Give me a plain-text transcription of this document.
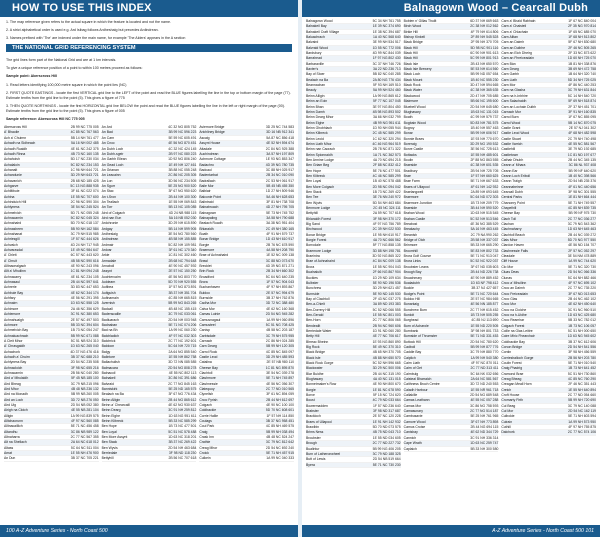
HOW TO USE THIS INDEX

1. The map reference given refers to the actual square in which the feature is located and not the name.

2. A strict alphabetical order is used e.g. Ard Isibag follows Ardheshaig but precedes Ardindrean.

3. Names prefixed with 'The' are indexed under the main name, for example 'The Alders' appears in the A section

THE NATIONAL GRID REFERENCING SYSTEM

The grid lines form part of the National Grid and are at 1 km intervals.

To give a unique reference position of a point to within 100 metres proceed as follows:

Sample point: Aberscross Hill

1. Read letters identifying 100,000 metre square in which the point lies (NC)

2. FIRST QUOTE EASTINGS - locate the first VERTICAL grid line to the LEFT of the point and read the BLUE figures labelling the line in the top or bottom margin of the page (77). Estimate tenths from the grid line to the point (5). This gives a figure of 775

3. THEN QUOTE NORTHINGS - locate the first HORIZONTAL grid line BELOW the point and read the BLUE figures labelling the line in the left or right margin of the page (00). Estimate tenths from the grid line to the point (5). This gives a figure of 005

Sample reference: Aberscross Hill NC 775 005

Aberscross Hill	2B 99 NC 775 005
A' Bhaoile	4C 85 NC 767 563
Ach a' Chuirnn	5B 14 NH 761 477
Achadh na Sidheach	5A 16 NH 002 485
Achadh Ruaidh	4E 61 NC 242 375
Achadh Rinna	4B 73 NC 160 135
Achahoish	5D 17 NC 230 034
Achalaloin	5C 82 NC 234 153
Achanalt	1C 96 NH 644 721
Achandunie	3D 29 NH 643 721
Achavanich	2B 68 ND 185 425
Achgarve	5C 13 NG 888 935
Achiltibuie	3F 61 NC 022 074
Achina	1E 55 NC 707 600
Achinduich Hill	2C 96 NC 590 304
Achlyness	3E 54 NC 245 524
Achmelvich	5D 71 NC 055 248
Achnacarnin	5C 82 NC 045 324
Achnahaird	5D 70 NC 018 137
Achnasheen	5B 90 NH 162 584
Achnahanat	3C 79 NH 515 985
Achriesgill	1F 57 NC 444 626
Achvaich	4D 24 NH 717 945
Achvarasdal	1E 49 NC 984 647
A' Chleit	6C 57 NC 443 620
A' Chruit	4B 58 NC 590 616
Alltnacealgach	4E 90 NC 243 096
Allt a' Mhuilinn	1C 81 NH 094 248
Achnacarry	4E 61 NC 234 105
Achnasaul	2B 44 NC 597 641
Achrerie	3D 83 NC 447 653
Achbuie Bay	4E 62 NC 344 174
Achfary	4E 56 NC 291 395
Achnairn	1D 63 NC 558 125
Achimore	2A 46 NC 356 629
Achiemore	3C 91 NC 380 653
Achnahuaigh	2E 57 NC 497 503
Achmore	5B 33 NC 394 604
Achmelvich Bay	1B 73 NC 054 247
Achnaluachrach	5B 99 NC 671 088
A Cleit Mhor	5C 51 NB 924 310
A' Chrasgaidh	1D 63 NC 265 040
Achachork	4D 37 NG 476 416
Achadh a' Chuirn	3B 37 NC 688 210
Achlyness Bay	2D 54 NC 235 508
Achnacloich	3F 98 NC 655 216
Achnacarnin	2B 56 NC 040 280
Aird a' Mhulaidh	5F 45 NB 185 100
Aird Bheag	3C 79 NB 215 096
Aird Mhor	4B 48 NB 236 132
Aird na Monadh	5B 99 NB 260 005
Aird an Loch	3D 72 NB 276 050
Aird Uig	2D 54 NB 052 380
Airigh na Cloich	4E 55 NB 281 104
Alligin	1A 99 NG 839 575
Alltchaorunn	4F 97 NC 560 085
Alltnacaillich	5E 71 NC 456 458
Altandhu	3C 86 NB 989 122
Altnaharra	2C 77 NC 567 355
Alt na Shellach	2A 64 NC 618 012
Altass	5C 64 NC 511 004
Amat	1E 55 NH 476 900
An Dun	3B 37 NC 705 221
An Ard	4C 32 NG 805 752
An Bad	3B 99 NC 596 223
An Carn	5E 59 NC 605 491
An Cnoc	4E 56 NG 870 451
An Dubh Loch	4C 32 NC 424 145
An Dubh-sgeir	2B 97 NC 080 223
An Garbh Eilean	1D 92 NG 806 240
An Gead Loch	1E 49 NH 127 461
An Grianan	3B 88 NC 055 248
An Leacainn	2C 86 NC 205 305
An Lon	3D 56 NC 234 505
An Sgurr	5E 25 NG 900 520
An Stac	3F 67 NG 950 620
An t-Sron	2B 44 NH 100 300
An Teallach	1E 55 NH 069 843
An Torr	5B 13 NC 105 085
Aird of Coigach	4D 24 NB 988 115
Aird nan Eun	5A 16 NB 052 030
Ardchronie	3D 29 NH 615 890
Ardgay	5B 14 NH 599 905
Ardheslaig	3E 54 NG 780 560
Ardindrean	4B 58 NH 155 885
Ardmair	5C 82 NH 109 981
Ardvar	3F 61 NC 170 340
Arkle	1C 81 NC 302 460
Armadale	2B 68 NC 794 648
Arnaboll	4E 90 NC 457 592
Assynt	2E 57 NC 150 250
Auchtercairn	4E 56 NG 803 770
Auldearn	5D 70 NH 920 555
Aultbea	1F 57 NG 873 891
Aultguish	3B 37 NH 351 704
Aultnamain	4C 85 NH 665 815
Avernish	5B 99 NG 843 265
Badcall	4B 48 NC 155 415
Badenscallie	3C 79 NC 033 061
Badluarach	2D 54 NH 003 948
Badnaban	5E 71 NC 074 206
Bad na Bh	1A 99 NC 060 230
Balchladich	4F 97 NC 032 303
Balchrick	2C 77 NC 192 601
Baldoon	5C 64 NH 720 715
Balgy	2A 64 NG 855 540
Balintore	1E 55 NH 862 758
Ballachulish	3D 72 NN 085 585
Balmacara	2D 54 NG 808 278
Balnacoil	4E 55 NC 802 113
Balnakeil	3C 86 NC 391 686
Balvraid	2C 77 NG 845 163
Banniskirk	5E 25 ND 165 575
Bealach na Ba	3F 67 NG 776 434
Beinn Alligin	2B 44 NG 865 612
Beinn a' Chearcaill	4E 62 NG 930 637
Beinn Dearg	3C 91 NH 259 812
Beinn Eighe	1D 63 NG 951 611
Beinn Klibreck	5B 33 NC 585 299
Ben Hope	1B 73 NC 477 501
Ben Loyal	5C 51 NC 578 488
Ben More Assynt	1D 63 NC 318 201
Ben Stack	3B 37 NC 269 422
Ben Wyvis	2D 54 NH 463 684
Berriedale	3F 98 ND 118 230
Bettyhill	2B 56 NC 707 618
Aviemore Bridge	3D 25 NC 744 583
Arichliney Bridge	3D 16 NB 912 341
Ascaig	5A 87 NC 856 418
Assynt House	4E 52 NH 594 674
Attadale	2C 84 NG 925 388
Auchindrean	3A 57 NH 197 809
Achmore Cottage	1E 93 NG 853 347
Badachro	4D 39 NG 780 735
Badcaul	3C 88 NH 025 917
Badentarbat	2B 34 NC 010 090
Badrallach	2C 53 NH 061 917
Baile Mor	5B 45 NB 455 350
Balblair	1D 27 NH 509 946
Balconie Point	5A 46 NH 628 653
Balintraid	3F 81 NH 738 708
Balnabruach	4D 27 NH 795 705
Balnagown	5E 73 NH 745 752
Balnapaling	3A 58 NH 790 688
Bealach Ruadh	3A 38 NG 951 404
Bhlaraidh	2C 49 NH 380 165
Boath	4F 91 NH 579 737
Bonar Bridge	1D 43 NH 610 917
Borgie	2B 76 NC 678 590
Braemore	4A 58 NH 208 790
Brae of Achnahaird	1E 52 NC 009 138
Brawl	3C 88 ND 073 670
Brecklet	4D 39 NG 871 271
Brin Rock	2B 34 NH 660 302
Broadford	5C 64 NG 640 235
Brora	1F 57 NC 904 043
Buchanhaven	4F 97 NH 893 867
Buldoo	2E 57 NC 994 679
Burnside	3B 37 NH 762 876
Cadha Mor	3D 72 NC 388 480
Calva Mor	4E 62 NC 160 368
Camas Luinie	2D 54 NG 945 282
Camusnagaul	1A 99 NH 060 896
Camusteel	5C 51 NG 708 425
Canisp	4B 58 NC 203 187
Carbisdale	3C 79 NH 575 955
Carnach	2C 86 NH 024 285
Carn Dearg	5B 99 NH 120 305
Carrol Rock	4C 85 NC 845 097
Castle Leod	3D 29 NH 485 593
Catalina	2E 57 NB 980 110
Cheese Bay	1C 81 NG 895 870
Clachtoll	3E 54 NC 039 278
Clashmore	5E 71 NH 745 897
Clashnessie	4E 56 NC 056 307
Clatequoy	2C 77 ND 010 565
Clynelish	3F 61 NC 894 059
Cnoc Fyrish	2B 44 NH 612 697
Coigach	4E 90 NC 100 100
Coldbackie	5D 70 NC 608 601
Corrie Hallie	1F 57 NH 114 850
Coulags	3B 37 NG 958 451
Coul Park	4C 85 NH 469 575
Craig	5B 99 NH 038 494
Crask Inn	4B 48 NC 524 247
Crathie	3C 79 NC 812 642
Creag Mhor	2D 54 NC 692 240
Croick	5E 71 NH 457 915
Culkein	1A 99 NC 040 333
100 A-Z Adventure Series - North Coast 500
Balnagown Wood – Cearcall Dubh
Balnagown Wood	5C 34 NH 761 755
Balnakeil Bay	1E 39 NC 374 690
Balnakeil Craft Village	1E 38 NC 394 687
Baluachrach	1A 40 NC 568 640
Balvaird	3E 99 NH 534 517
Balvraid Wood	1D 55 NC 772 006
Bardsbury	4D 99 NC 844 039
Barrahead	1F 97 NG 802 430
Barbaraville	3C 37 NH 746 726
Baxter's	3A 22 ND 236 713
Bay of Stoer	5B 82 NC 040 285
Bealach na Ba	2A 80 NG 776 434
Beannachan	5F 93 NH 169 510
Beauly	5A 99 NH 524 460
Beinn Alligin	1A 99 NG 865 612
Beinn an Eoin	5F 77 NC 107 045
Beinn Bhan	3E 97 NG 804 450
Beinn Damh	4B 98 NG 893 502
Beinn Dearg Mhor	3A 66 NH 032 799
Beinn Eighe	4B 99 NG 951 611
Beinn Ghobhlach	1D 90 NH 055 944
Beinn Klibreck	2C 45 NC 585 299
Beinn Leoid	1C 62 NC 320 294
Beinn Liath Mhor	4C 46 NG 964 519
Beinn nan Caorach	2B 78 NC 871 322
Beinn Spionnaidh	1A 71 NC 362 573
Ben Armine Lodge	4A 70 NC 694 215
Ben Griam Beg	2F 88 NC 832 412
Ben Hope	5E 76 NC 477 501
Ben Klibreck	4C 46 NC 585 299
Ben Loyal	1B 40 NC 578 488
Ben More Coigach	2D 98 NC 094 042
Ben Stack	1B 73 NC 269 422
Ben Tee	3E 76 NN 240 972
Ben Wyvis	5D 54 NH 463 684
Benmore Lodge	2C 45 NC 324 111
Bettyhill	2A 59 NC 707 618
Bhlaraidh Forest	3F 98 NH 370 172
Big Sand	4F 97 NG 756 789
Birchwood	2C 39 NH 022 530
Bonar Bridge	1E 95 NH 610 917
Borgie Forest	4A 70 NC 666 562
Borrodale	5F 77 NG 858 135
Braemore Lodge	3D 88 NH 198 781
Braeintra	3D 92 NG 865 322
Brae of Achnahaird	4C 84 NC 009 138
Brora	1E 55 NC 904 043
Bualnaluib	2F 66 NG 867 904
Buckies	1D 29 ND 109 634
Bulbster	5E 90 ND 196 536
Bunchrew	3D 29 NH 621 457
Burnside	5E 90 ND 145 530
Bay of Clachtoll	2F 43 NC 037 275
Ben-a-Chielt	3A 89 ND 193 383
Ben-Dorrery Hill	5C 52 ND 066 555
Ben-Gerald	1E 55 NC 801 003
Ben-Horn	2C 77 NC 806 065
Bendeallt	2B 94 NC 960 606
Berriedale Water	1D 91 ND 060 280
Betty Hill	4E 77 NC 706 617
Bhreac Bheinn	1E 93 NG 860 890
Big Rock	5E 49 NC 370 310
Black Bridge	4B 65 NH 370 705
Black Isle	4B 88 NH 650 570
Black Rock Gorge	5C 52 NH 596 665
Blackwater	3D 29 NC 500 006
Blar Buidhe	2B 44 NC 315 190
Blughasary	4A 40 NC 131 015
Bonnetmaker's Row	4E 90 NH 800 670
Borgie	1E 81 NC 678 590
Borve	5F 15 NC 724 620
Boust	4C 79 ND 033 664
Bowermadden	1F 57 ND 236 640
Brabster	3F 98 ND 317 687
Brackloch	2E 57 NC 120 228
Braes of Ullapool	1E 91 NH 142 932
Brawlbin	5D 70 ND 073 575
Brims Ness	4B 75 ND 043 710
Broubster	1E 55 ND 034 605
Brough	2C 77 ND 227 732
Bualintur	5B 99 NG 406 205
Burn of Latheronwheel	3C 79 ND 188 325
Butt of Lewis	2D 54 NB 519 664
Byera	5E 71 NC 730 230
Bobien n' Gillas Thuilt	6D 37 NH 669 663
Birch Wood	2C 38 NH 012 562
Birkie Hill	4F 79 NH 614 806
Bishop Kinkell	2F 89 NH 545 528
Black Bridge	2F 95 NH 370 705
Black Hill	5D 98 NC 901 116
Black Hill	6C 90 NH 901 613
Black Hill	5C 99 NH 801 913
Black Isle	2B 43 NH 650 570
Black Isle Brewery	5E 53 NH 614 560
Black Loch	5B 99 ND 057 654
Black Mount	1B 40 NC 555 230
Black Rock	3D 47 NH 594 665
Black Water	4C 38 NH 365 635
Blackwood	2D 47 NH 705 685
Blairmore	5B 66 NC 195 600
Bluebell Wood	2D 54 NH 645 680
Blughasary	1B 63 NC 131 015
Boath	4C 99 NH 579 737
Bogbain Wood	5D 83 NH 781 575
Bogroy	1B 40 NH 557 463
Bonar	5B 99 NH 606 917
Bonnie Braes	1E 93 NH 770 670
Boreraig	3D 29 NG 190 532
Borve Castle	3E 56 NC 725 613
Bottacks	1E 55 NH 485 601
Boulin	2F 88 NG 863 555
Braeside	4C 38 NH 601 535
Bradbury	2B 94 NH 725 705
Brae	1F 57 NH 660 625
Brae Farm	5E 71 NH 667 633
Braes of Ullapool	4F 61 NH 142 932
Braelangwell	2A 89 NH 693 645
Braemore	5C 64 ND 072 303
Braemore Junction	1B 73 NH 209 779
Braeside	3B 44 NH 590 520
Brahan Wood	1D 63 NH 515 545
Brahan Castle	5C 52 NH 513 546
Breabost	4E 36 NG 385 529
Breakachy	5A 16 NH 463 445
Breanish	2C 79 NA 990 262
Bridge of Oich	2B 58 NH 337 037
Brinmore	5B 33 NH 665 290
Broomhill	5E 83 NH 802 733
Brora Golf Course	5E 71 NC 913 047
Brora Links	5C 52 NC 922 037
Broubster Leans	3F 67 ND 035 603
Brough Bay	2B 44 ND 226 738
Bruachmary	4E 90 NH 889 452
Bualadubh	1D 63 NF 798 412
Buckie	3B 37 NJ 427 657
Budge's Point	5E 71 NC 720 644
Buldoo Hill	2E 57 NC 984 665
Bunarkaig	4E 56 NN 185 877
Bunchrew Burn	2C 77 NH 615 452
Bunloit	1B 73 NH 505 255
Burghead	4C 85 NJ 113 690
Burn of Acharole	1E 55 ND 220 505
Burnbank	3F 98 NH 801 733
Burnside of Thrumster	5E 71 ND 331 453
Buttock Hill	2D 54 NC 780 620
Cadboll	5B 99 NH 877 776
Caddle Bay	3C 79 NH 880 770
Caiplich	1A 99 NH 540 380
Cairn Liath	4F 97 NC 870 011
Cairn of Get	2C 77 ND 313 411
Cairnbulg	5C 64 NK 032 656
Caisteal Bharraich	2A 64 NC 581 567
Caithness Broch Centre	3D 72 ND 240 553
Caladh Harbour	1E 55 NR 961 718
Callakille	2D 54 NG 689 548
Camas Leathann	4E 55 NC 057 288
Camas Mor	3C 86 NG 758 593
Camasunary	2C 77 NG 514 187
Cambusavie	5E 25 NH 761 965
Camore Wood	3F 67 NH 773 898
Camus Croise	2B 44 NG 694 115
Canisbay	4E 62 ND 344 729
Cannich	3C 91 NH 336 314
Cape Wrath	1D 63 NC 259 747
Caplaich	5B 33 NH 300 580
Carn a' Bhaid Rabhain	1F 67 NC 840 004
Carn a' Chaisteil	2F 35 NG 970 814
Carn a' Chlachain	1F 65 NC 685 070
Carn Alltan	1F 68 NH 513 802
Carn an Daimh	5F 67 NH 830 680
Carn an Duibhe	2F 46 NC 505 265
Carn an Eich Dheirg	2F 33 NC 873 622
Carn an Fhreiceadain	1D 60 NH 725 070
Carn Bàn	1B 81 NH 338 876
Carn Dearg	3B 69 NH 472 758
Carn Garbh	1B 64 NH 320 740
Carn Liath	5D 34 NH 725 025
Carn Mor	4F 86 NC 440 253
Carn na Glasha	3C 79 NH 631 844
Carn na h-Inbhire	5C 14 NH 540 720
Carn Salachaidh	5F 69 NH 518 874
Carn an Lochain Duibh	2F 37 NH 451 701
Carnach Mor	3F 91 NH 160 835
Carrol Burn	1F 67 NC 855 095
Carrol Wood	5B 14 NC 870 075
Castle Grant	2E 57 NJ 041 302
Castle Leod Wood	4F 68 NH 482 598
Castle Stuart	2C 79 NH 740 498
Castle Varrich	4E 55 NC 581 567
Castlehill	3E 79 ND 192 685
Castletown	1C 81 ND 197 677
Cathair Dhubh	2B 44 NC 345 135
Ceann a' Mhara	3C 86 NL 937 408
Ceann Ear	5B 99 NF 640 620
Ceann Loch Eriboll	1B 40 NC 398 566
Ceann Tràigh	2D 54 NB 235 376
Ceannabeinne	4F 61 NC 440 656
Cearcall Dubh	3F 98 NC 301 555
Central Parks	1E 81 NH 664 444
Chanonry Point	5E 71 NH 749 557
Chapelhill	4C 85 NH 839 735
Cheese Bay	5B 99 NF 975 730
Clach Toll	2C 77 NC 036 277
Clachan	3C 79 NG 543 362
Clachnaharry	1D 63 NH 645 463
Clachtoll Beach	2B 44 NC 039 272
Clais Mhor	5D 70 NG 977 550
Clardon Haven	4E 56 ND 154 707
Clashnessie Falls	2F 57 NC 052 297
Cleadale	3E 54 NM 478 889
Cliff House	1A 99 NC 744 620
Clo Mor	5E 71 NC 320 730
Cluas Deas	2D 54 NC 066 336
Clunas	5C 64 NH 882 466
Cnoc a' Mhuilinn	4F 97 NC 695 102
Cnoc an Daimh	2C 77 NC 735 220
Cnoc Freiceadain	3F 67 ND 013 653
Cnoc Glas	2B 44 NC 462 102
Cnoc Mor	4E 62 NH 450 640
Cnoc na Cloiche	3C 91 NC 960 510
Cnoc na h-Uidhe	1D 63 NC 425 680
Cnoc Reamhar	5B 33 NC 782 012
Coigach Forest	1B 73 NC 106 057
Coille na Glas Leitire	5C 51 NH 000 650
Coire Mhic Fhearchair	1D 63 NG 945 602
Coldbackie Bay	3B 37 NC 612 606
Conon Bridge	2D 54 NH 541 556
Contin	3F 98 NH 456 559
Corrieshalloch Gorge	2B 56 NH 203 780
Coulin Forest	5E 71 NH 010 540
Craig Phadrig	1B 73 NH 641 452
Cramond Brae	5C 51 NH 730 860
Creag Bheag	4C 85 NC 760 290
Creagan Meall Horn	2F 46 NC 351 443
Creich	1E 55 NH 640 894
Croft House	2C 77 ND 054 660
Cromarty Firth	5B 99 NH 720 690
Cul Beag	3C 79 NC 140 088
Cul Mor	2D 54 NC 162 119
Culbokie	5E 71 NH 603 594
Culrain	1A 99 NH 573 950
Cuthill	4F 97 NH 755 875
Dalchork	2C 77 NC 574 106
A-Z Adventure Series - North Coast 500 101
